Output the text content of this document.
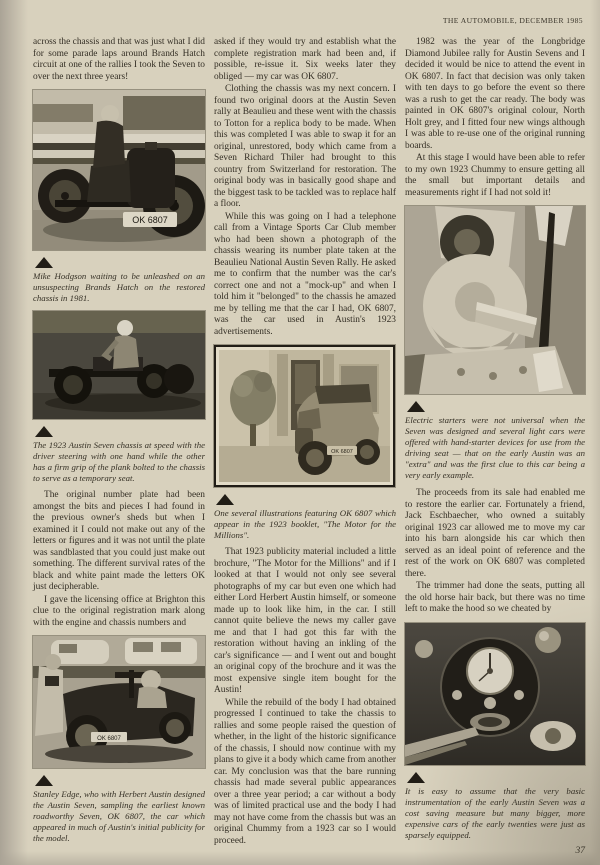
THE AUTOMOBILE, DECEMBER 1985

across the chassis and that was just what I did for some parade laps around Brands Hatch circuit at one of the rallies I took the Seven to over the next three years!

OK 6807
Mike Hodgson waiting to be unleashed on an unsuspecting Brands Hatch on the restored chassis in 1981.
The 1923 Austin Seven chassis at speed with the driver steering with one hand while the other has a firm grip of the plank bolted to the chassis to serve as a temporary seat.

The original number plate had been amongst the bits and pieces I had found in the previous owner's sheds but when I examined it I could not make out any of the letters or figures and it was not until the plate was sandblasted that you could just make out something. The different survival rates of the black and white paint made the letters OK just decipherable.

I gave the licensing office at Brighton this clue to the original registration mark along with the engine and chassis numbers and

OK 6807
Stanley Edge, who with Herbert Austin designed the Austin Seven, sampling the earliest known roadworthy Seven, OK 6807, the car which appeared in much of Austin's initial publicity for the model.

asked if they would try and establish what the complete registration mark had been and, if possible, re-issue it. Six weeks later they obliged — my car was OK 6807.

Clothing the chassis was my next concern. I found two original doors at the Austin Seven rally at Beaulieu and these went with the chassis to Totton for a replica body to be made. When this was completed I was able to swap it for an original, unrestored, body which came from a Seven Richard Thiler had brought to this country from Switzerland for restoration. The original body was in basically good shape and the biggest task to be tackled was to replace half a floor.

While this was going on I had a telephone call from a Vintage Sports Car Club member who had been shown a photograph of the chassis wearing its number plate taken at the Beaulieu National Austin Seven Rally. He asked me to confirm that the number was the car's correct one and not a "mock-up" and when I told him it "belonged" to the chassis he amazed me by telling me that the car I had, OK 6807, was the car used in Austin's 1923 advertisements.

OK 6807
One several illustrations featuring OK 6807 which appear in the 1923 booklet, "The Motor for the Millions".

That 1923 publicity material included a little brochure, "The Motor for the Millions" and if I looked at that I would not only see several photographs of my car but even one which had either Lord Herbert Austin himself, or someone made up to look like him, in the car. I still cannot quite believe the news my caller gave me and that I had got this far with the restoration without having an inkling of the car's significance — and I went out and bought an original copy of the brochure and it was the most expensive single item bought for the Austin!

While the rebuild of the body I had obtained progressed I continued to take the chassis to rallies and some people raised the question of whether, in the light of the historic significance of the chassis, I should now continue with my plans to give it a body which came from another car. My conclusion was that the bare running chassis had made several public appearances over a three year period; a car without a body was of limited practical use and the body I had may not have come from the chassis but was an original Chummy from a 1923 car so I would proceed.

1982 was the year of the Longbridge Diamond Jubilee rally for Austin Sevens and I decided it would be nice to attend the event in OK 6807. In fact that decision was only taken with ten days to go before the event so there was a rush to get the car ready. The body was painted in OK 6807's original colour, North Holt grey, and I fitted four new wings although I was able to re-use one of the original running boards.

At this stage I would have been able to refer to my own 1923 Chummy to ensure getting all the small but important details and measurements right if I had not sold it!

Electric starters were not universal when the Seven was designed and several light cars were offered with hand-starter devices for use from the driving seat — that on the early Austin was an "extra" and was the first clue to this car being a very early example.

The proceeds from its sale had enabled me to restore the earlier car. Fortunately a friend, Jack Eschbaecher, who owned a suitably original 1923 car allowed me to move my car into his barn alongside his car which then served as an ideal point of reference and the rest of the work on OK 6807 was completed there.

The trimmer had done the seats, putting all the old horse hair back, but there was no time left to make the hood so we cheated by

It is easy to assume that the very basic instrumentation of the early Austin Seven was a cost saving measure but many bigger, more expensive cars of the early twenties were just as sparsely equipped.
37
